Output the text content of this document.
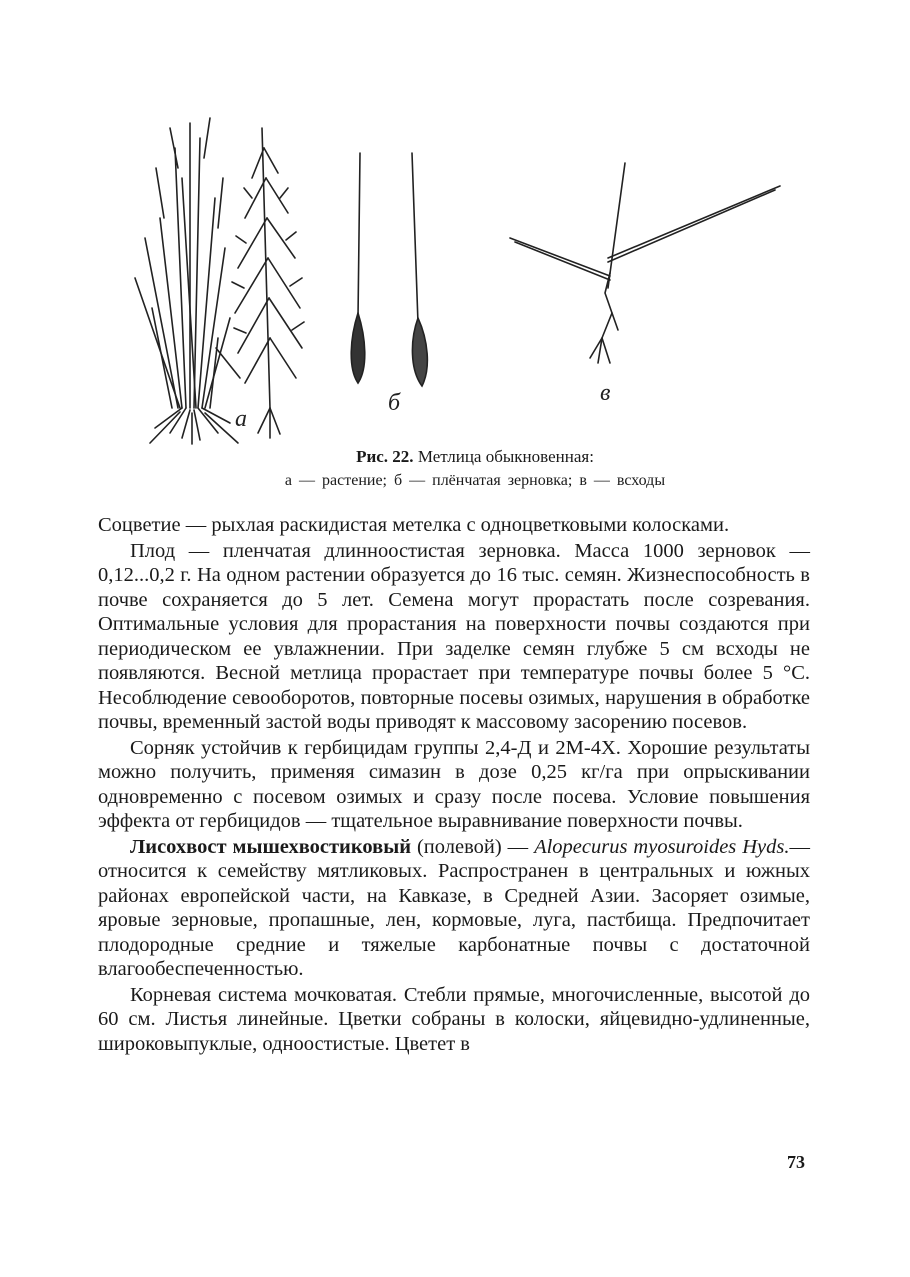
а
б	в
Рис. 22. Метлица обыкновенная:
а — растение; б — плёнчатая зерновка; в — всходы

Соцветие — рыхлая раскидистая метелка с одноцветковыми колосками.

Плод — пленчатая длинноостистая зерновка. Масса 1000 зерновок — 0,12...0,2 г. На одном растении образуется до 16 тыс. семян. Жизнеспособность в почве сохраняется до 5 лет. Семена могут прорастать после созревания. Оптимальные условия для прорастания на поверхности почвы создаются при периодическом ее увлажнении. При заделке семян глубже 5 см всходы не появляются. Весной метлица прорастает при температуре почвы более 5 °С. Несоблюдение севооборотов, повторные посевы озимых, нарушения в обработке почвы, временный застой воды приводят к массовому засорению посевов.

Сорняк устойчив к гербицидам группы 2,4-Д и 2М-4Х. Хорошие результаты можно получить, применяя симазин в дозе 0,25 кг/га при опрыскивании одновременно с посевом озимых и сразу после посева. Условие повышения эффекта от гербицидов — тщательное выравнивание поверхности почвы.

Лисохвост мышехвостиковый (полевой) — Alopecurus myosuroides Hyds.— относится к семейству мятликовых. Распространен в центральных и южных районах европейской части, на Кавказе, в Средней Азии. Засоряет озимые, яровые зерновые, пропашные, лен, кормовые, луга, пастбища. Предпочитает плодородные средние и тяжелые карбонатные почвы с достаточной влагообеспеченностью.

Корневая система мочковатая. Стебли прямые, многочисленные, высотой до 60 см. Листья линейные. Цветки собраны в колоски, яйцевидно-удлиненные, широковыпуклые, одноостистые. Цветет в

73
